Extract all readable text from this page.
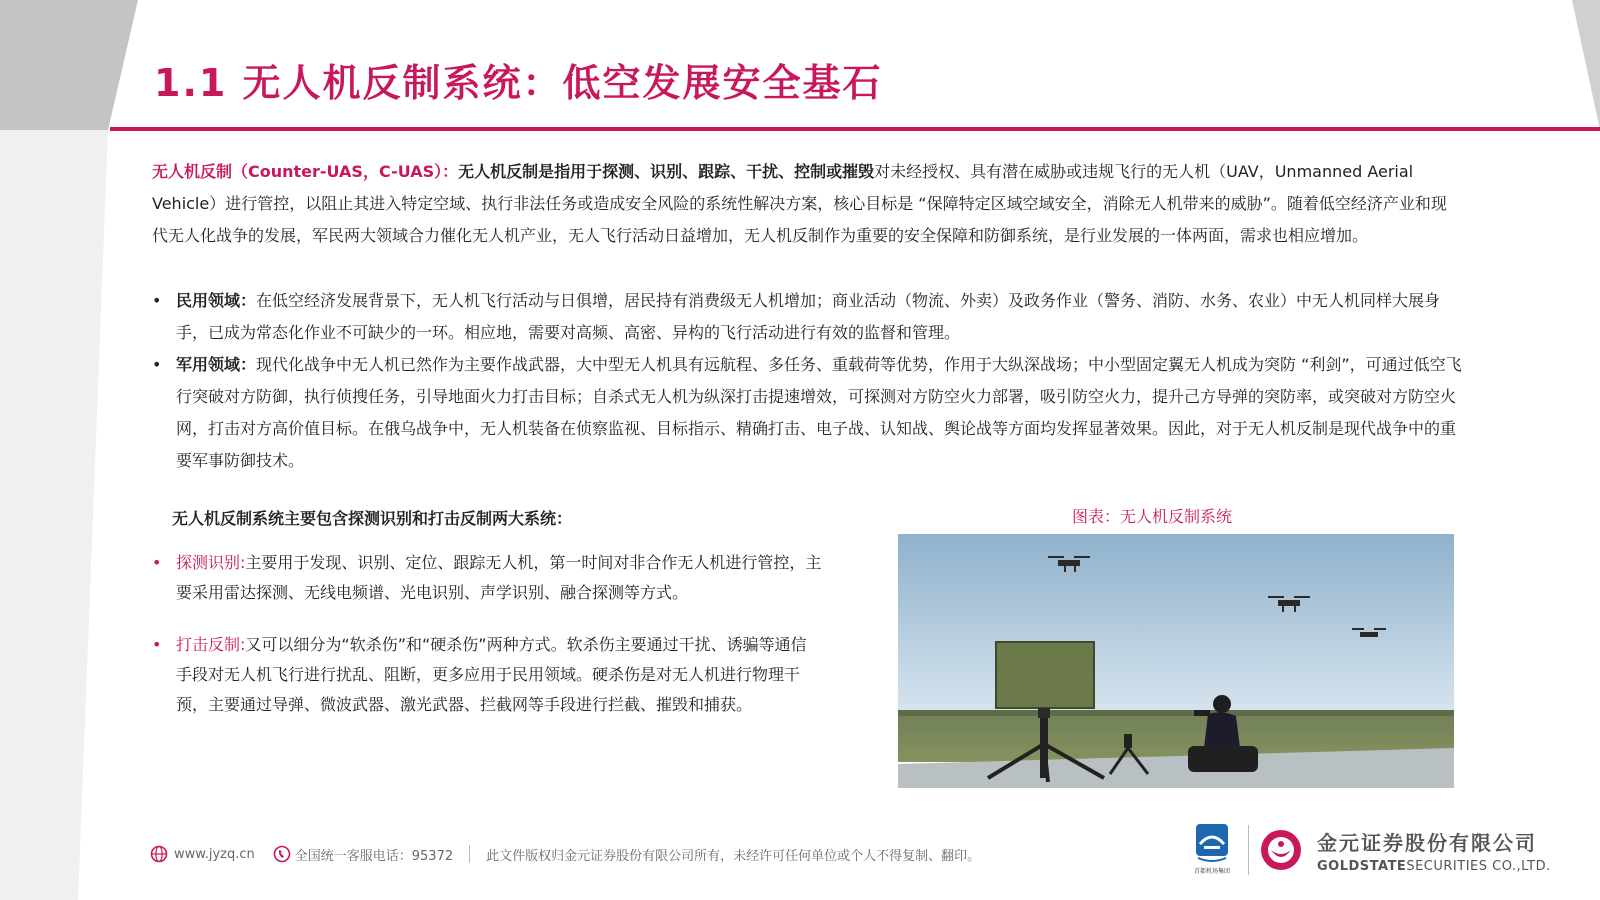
1.1 无人机反制系统：低空发展安全基石
无人机反制（Counter-UAS，C-UAS）：无人机反制是指用于探测、识别、跟踪、干扰、控制或摧毁对未经授权、具有潜在威胁或违规飞行的无人机（UAV，Unmanned Aerial Vehicle）进行管控，以阻止其进入特定空域、执行非法任务或造成安全风险的系统性解决方案，核心目标是 “保障特定区域空域安全，消除无人机带来的威胁”。随着低空经济产业和现代无人化战争的发展，军民两大领域合力催化无人机产业，无人飞行活动日益增加，无人机反制作为重要的安全保障和防御系统，是行业发展的一体两面，需求也相应增加。
• 民用领域：在低空经济发展背景下，无人机飞行活动与日俱增，居民持有消费级无人机增加；商业活动（物流、外卖）及政务作业（警务、消防、水务、农业）中无人机同样大展身手，已成为常态化作业不可缺少的一环。相应地，需要对高频、高密、异构的飞行活动进行有效的监督和管理。
• 军用领域：现代化战争中无人机已然作为主要作战武器，大中型无人机具有远航程、多任务、重载荷等优势，作用于大纵深战场；中小型固定翼无人机成为突防 “利剑”，可通过低空飞行突破对方防御，执行侦搜任务，引导地面火力打击目标；自杀式无人机为纵深打击提速增效，可探测对方防空火力部署，吸引防空火力，提升己方导弹的突防率，或突破对方防空火网，打击对方高价值目标。在俄乌战争中，无人机装备在侦察监视、目标指示、精确打击、电子战、认知战、舆论战等方面均发挥显著效果。因此，对于无人机反制是现代战争中的重要军事防御技术。
无人机反制系统主要包含探测识别和打击反制两大系统：	图表：无人机反制系统
• 探测识别:主要用于发现、识别、定位、跟踪无人机，第一时间对非合作无人机进行管控，主要采用雷达探测、无线电频谱、光电识别、声学识别、融合探测等方式。
• 打击反制:又可以细分为“软杀伤”和“硬杀伤”两种方式。软杀伤主要通过干扰、诱骗等通信手段对无人机飞行进行扰乱、阻断，更多应用于民用领域。硬杀伤是对无人机进行物理干预，主要通过导弹、微波武器、激光武器、拦截网等手段进行拦截、摧毁和捕获。
www.jyzq.cn	全国统一客服电话：95372	此文件版权归金元证券股份有限公司所有，未经许可任何单位或个人不得复制、翻印。
首都机场集团
金元证券股份有限公司
GOLDSTATESECURITIES CO.,LTD.
